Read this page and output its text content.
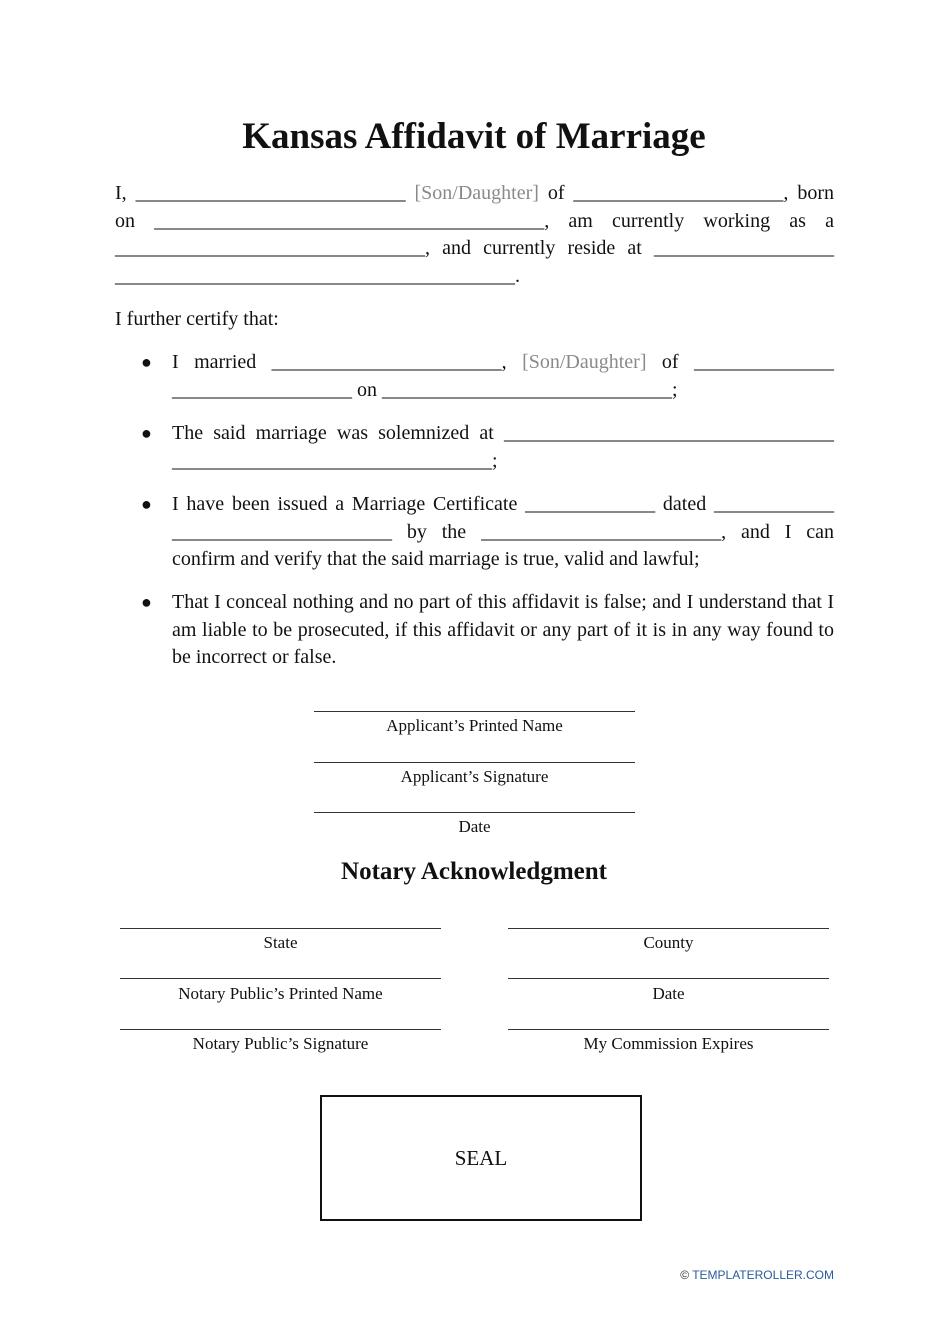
Kansas Affidavit of Marriage
I, ___________________________ [Son/Daughter] of _____________________, born on _______________________________________, am currently working as a _______________________________, and currently reside at __________________ ________________________________________.
I further certify that:
● I married _______________________, [Son/Daughter] of ______________ __________________ on _____________________________;
● The said marriage was solemnized at _________________________________ ________________________________;
● I have been issued a Marriage Certificate _____________ dated ____________ ______________________ by the ________________________, and I can confirm and verify that the said marriage is true, valid and lawful;
● That I conceal nothing and no part of this affidavit is false; and I understand that I am liable to be prosecuted, if this affidavit or any part of it is in any way found to be incorrect or false.
Applicant’s Printed Name
Applicant’s Signature
Date
Notary Acknowledgment
State
Notary Public’s Printed Name
Notary Public’s Signature
County
Date
My Commission Expires
SEAL
© TEMPLATEROLLER.COM
